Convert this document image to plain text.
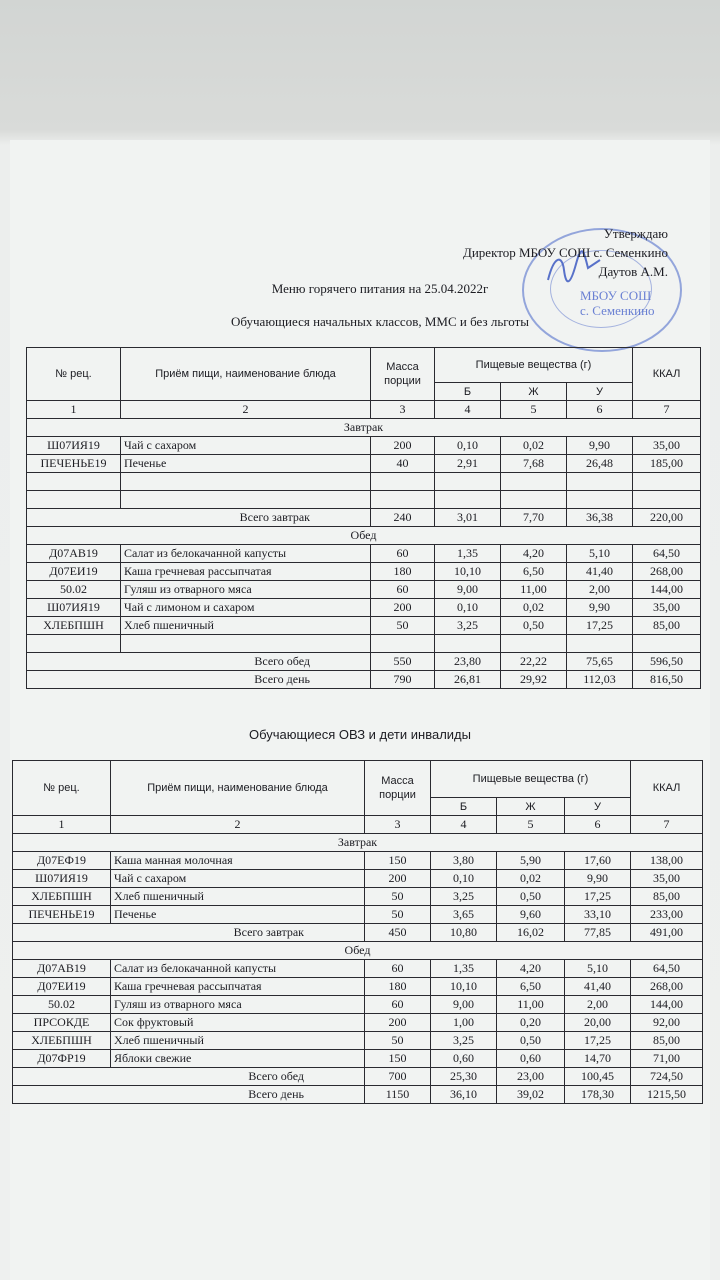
МБОУ СОШ
с. Семенкино
Утверждаю
Директор МБОУ СОШ с. Семенкино
Даутов А.М.
Меню горячего питания на 25.04.2022г
Обучающиеся начальных классов, ММС и без льготы
№ рец.	Приём пищи, наименование блюда	Масса порции	Пищевые вещества (г)			ККАЛ
			Б	Ж	У	
1	2	3	4	5	6	7
Завтрак						
Ш07ИЯ19	Чай с сахаром	200	0,10	0,02	9,90	35,00
ПЕЧЕНЬЕ19	Печенье	40	2,91	7,68	26,48	185,00

Всего завтрак		240	3,01	7,70	36,38	220,00
Обед						
Д07АВ19	Салат из белокачанной капусты	60	1,35	4,20	5,10	64,50
Д07ЕИ19	Каша гречневая рассыпчатая	180	10,10	6,50	41,40	268,00
50.02	Гуляш из отварного мяса	60	9,00	11,00	2,00	144,00
Ш07ИЯ19	Чай с лимоном и сахаром	200	0,10	0,02	9,90	35,00
ХЛЕБПШН	Хлеб пшеничный	50	3,25	0,50	17,25	85,00

Всего обед		550	23,80	22,22	75,65	596,50
Всего день		790	26,81	29,92	112,03	816,50
Обучающиеся ОВЗ и дети инвалиды
№ рец.	Приём пищи, наименование блюда	Масса порции	Пищевые вещества (г)			ККАЛ
			Б	Ж	У	
1	2	3	4	5	6	7
Завтрак						
Д07ЕФ19	Каша манная молочная	150	3,80	5,90	17,60	138,00
Ш07ИЯ19	Чай с сахаром	200	0,10	0,02	9,90	35,00
ХЛЕБПШН	Хлеб пшеничный	50	3,25	0,50	17,25	85,00
ПЕЧЕНЬЕ19	Печенье	50	3,65	9,60	33,10	233,00
Всего завтрак		450	10,80	16,02	77,85	491,00
Обед						
Д07АВ19	Салат из белокачанной капусты	60	1,35	4,20	5,10	64,50
Д07ЕИ19	Каша гречневая рассыпчатая	180	10,10	6,50	41,40	268,00
50.02	Гуляш из отварного мяса	60	9,00	11,00	2,00	144,00
ПРСОКДЕ	Сок фруктовый	200	1,00	0,20	20,00	92,00
ХЛЕБПШН	Хлеб пшеничный	50	3,25	0,50	17,25	85,00
Д07ФР19	Яблоки свежие	150	0,60	0,60	14,70	71,00
Всего обед		700	25,30	23,00	100,45	724,50
Всего день		1150	36,10	39,02	178,30	1215,50
